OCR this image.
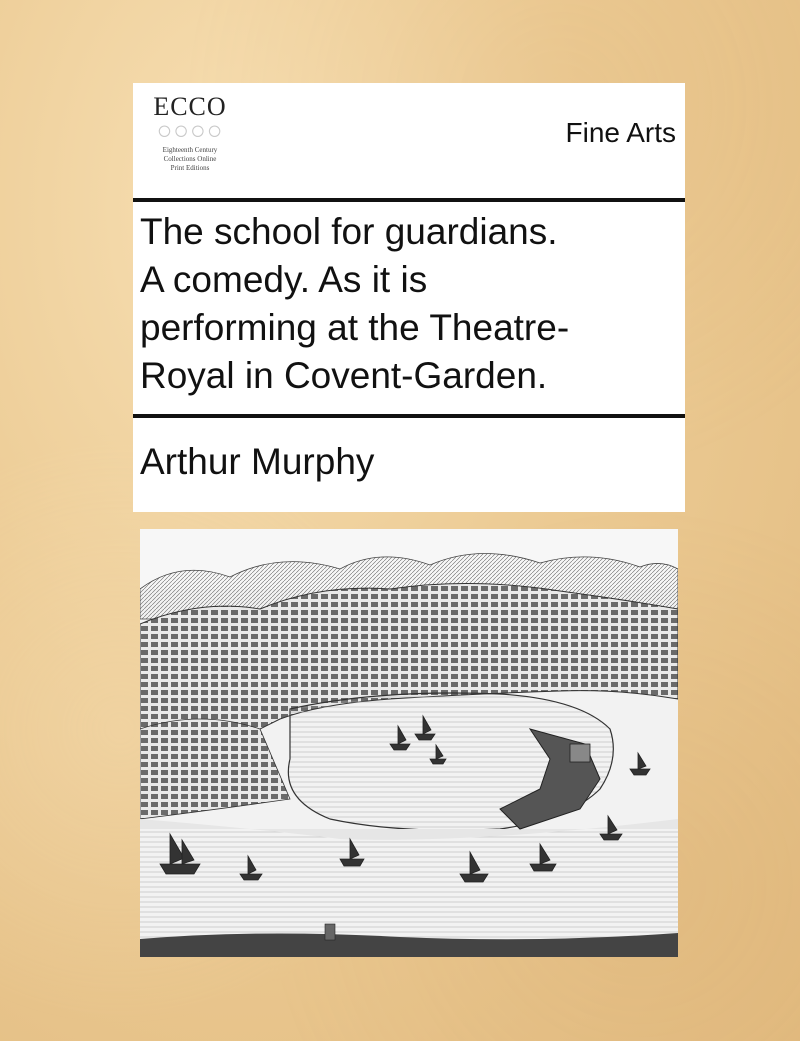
ECCO
○○○○
Eighteenth Century
Collections Online
Print Editions
Fine Arts
The school for guardians.
A comedy. As it is
performing at the Theatre-
Royal in Covent-Garden.
Arthur Murphy
